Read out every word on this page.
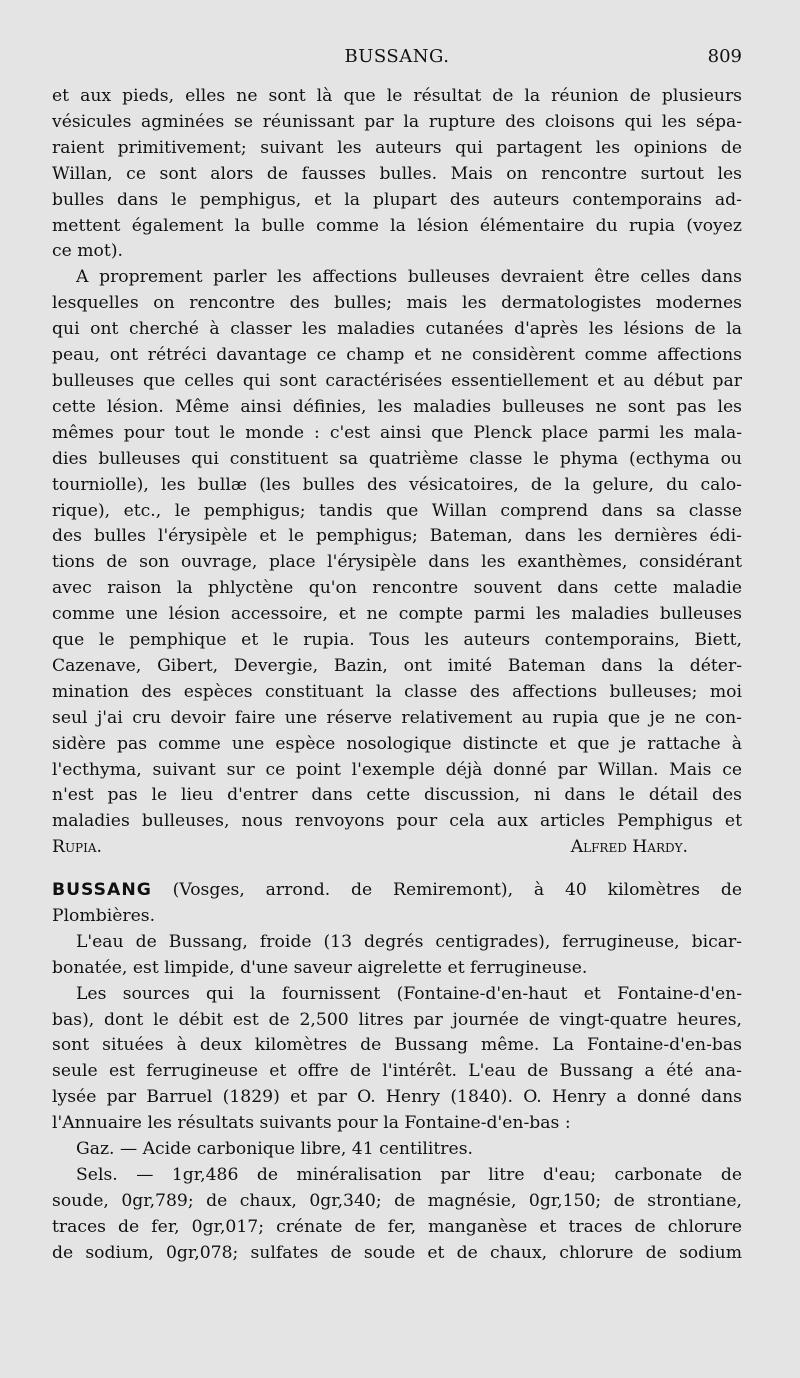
BUSSANG.	809
et aux pieds, elles ne sont là que le résultat de la réunion de plusieurs
vésicules agminées se réunissant par la rupture des cloisons qui les sépa-
raient primitivement; suivant les auteurs qui partagent les opinions de
Willan, ce sont alors de fausses bulles. Mais on rencontre surtout les
bulles dans le pemphigus, et la plupart des auteurs contemporains ad-
mettent également la bulle comme la lésion élémentaire du rupia (voyez
ce mot).
A proprement parler les affections bulleuses devraient être celles dans
lesquelles on rencontre des bulles; mais les dermatologistes modernes
qui ont cherché à classer les maladies cutanées d'après les lésions de la
peau, ont rétréci davantage ce champ et ne considèrent comme affections
bulleuses que celles qui sont caractérisées essentiellement et au début par
cette lésion. Même ainsi définies, les maladies bulleuses ne sont pas les
mêmes pour tout le monde : c'est ainsi que Plenck place parmi les mala-
dies bulleuses qui constituent sa quatrième classe le phyma (ecthyma ou
tourniolle), les bullæ (les bulles des vésicatoires, de la gelure, du calo-
rique), etc., le pemphigus; tandis que Willan comprend dans sa classe
des bulles l'érysipèle et le pemphigus; Bateman, dans les dernières édi-
tions de son ouvrage, place l'érysipèle dans les exanthèmes, considérant
avec raison la phlyctène qu'on rencontre souvent dans cette maladie
comme une lésion accessoire, et ne compte parmi les maladies bulleuses
que le pemphique et le rupia. Tous les auteurs contemporains, Biett,
Cazenave, Gibert, Devergie, Bazin, ont imité Bateman dans la déter-
mination des espèces constituant la classe des affections bulleuses; moi
seul j'ai cru devoir faire une réserve relativement au rupia que je ne con-
sidère pas comme une espèce nosologique distincte et que je rattache à
l'ecthyma, suivant sur ce point l'exemple déjà donné par Willan. Mais ce
n'est pas le lieu d'entrer dans cette discussion, ni dans le détail des
maladies bulleuses, nous renvoyons pour cela aux articles Pemphigus et
Rupia.	Alfred Hardy.
BUSSANG (Vosges, arrond. de Remiremont), à 40 kilomètres de
Plombières.
L'eau de Bussang, froide (13 degrés centigrades), ferrugineuse, bicar-
bonatée, est limpide, d'une saveur aigrelette et ferrugineuse.
Les sources qui la fournissent (Fontaine-d'en-haut et Fontaine-d'en-
bas), dont le débit est de 2,500 litres par journée de vingt-quatre heures,
sont situées à deux kilomètres de Bussang même. La Fontaine-d'en-bas
seule est ferrugineuse et offre de l'intérêt. L'eau de Bussang a été ana-
lysée par Barruel (1829) et par O. Henry (1840). O. Henry a donné dans
l'Annuaire les résultats suivants pour la Fontaine-d'en-bas :
Gaz. — Acide carbonique libre, 41 centilitres.
Sels. — 1gr,486 de minéralisation par litre d'eau; carbonate de
soude, 0gr,789; de chaux, 0gr,340; de magnésie, 0gr,150; de strontiane,
traces de fer, 0gr,017; crénate de fer, manganèse et traces de chlorure
de sodium, 0gr,078; sulfates de soude et de chaux, chlorure de sodium
